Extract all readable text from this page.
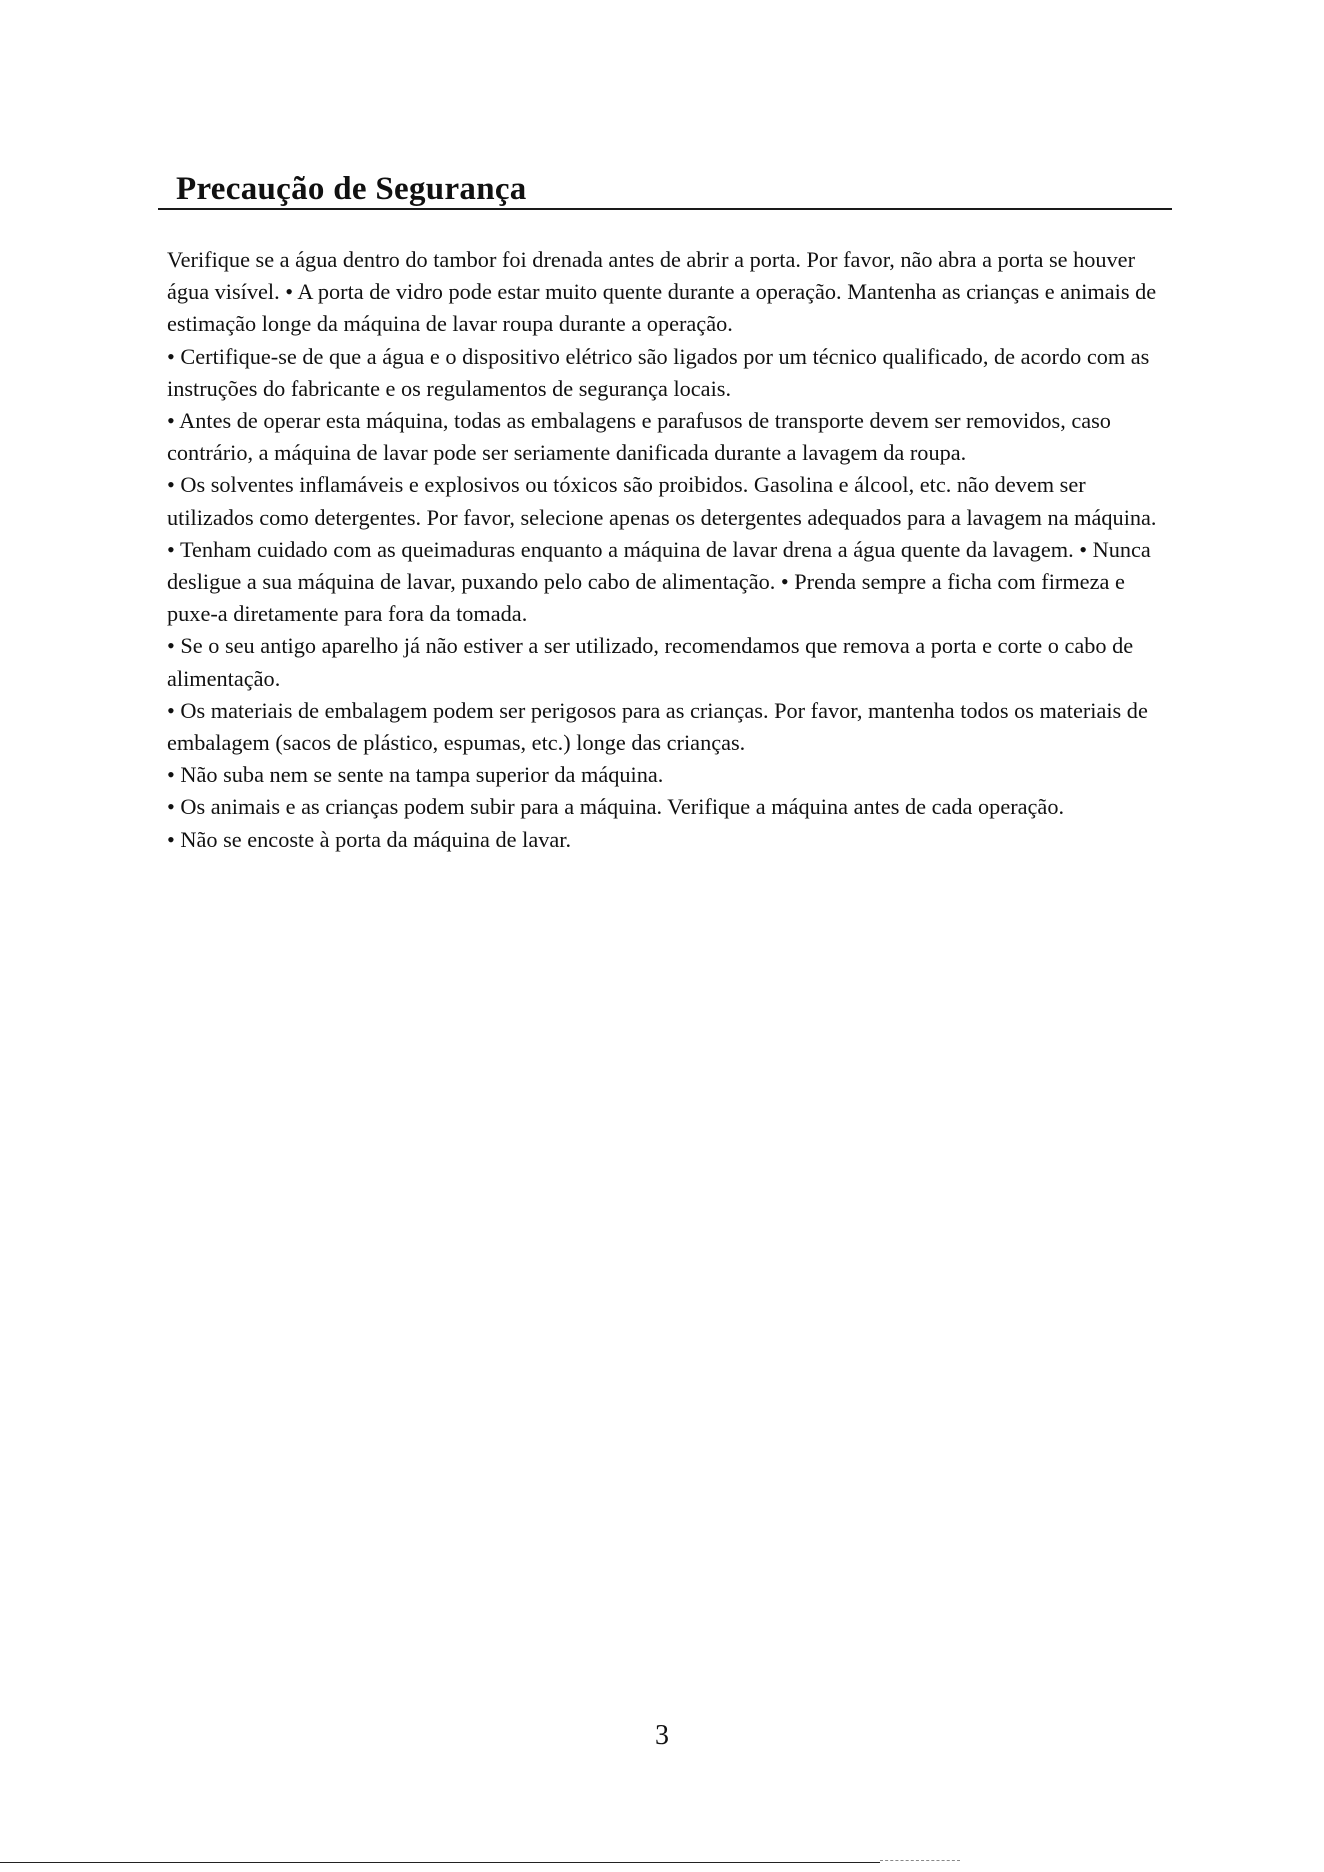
Precaução de Segurança

Verifique se a água dentro do tambor foi drenada antes de abrir a porta. Por favor, não abra a porta se houver água visível. • A porta de vidro pode estar muito quente durante a operação. Mantenha as crianças e animais de estimação longe da máquina de lavar roupa durante a operação.

• Certifique-se de que a água e o dispositivo elétrico são ligados por um técnico qualificado, de acordo com as instruções do fabricante e os regulamentos de segurança locais.

• Antes de operar esta máquina, todas as embalagens e parafusos de transporte devem ser removidos, caso contrário, a máquina de lavar pode ser seriamente danificada durante a lavagem da roupa.

• Os solventes inflamáveis e explosivos ou tóxicos são proibidos. Gasolina e álcool, etc. não devem ser utilizados como detergentes. Por favor, selecione apenas os detergentes adequados para a lavagem na máquina.

• Tenham cuidado com as queimaduras enquanto a máquina de lavar drena a água quente da lavagem. • Nunca desligue a sua máquina de lavar, puxando pelo cabo de alimentação. • Prenda sempre a ficha com firmeza e puxe-a diretamente para fora da tomada.

• Se o seu antigo aparelho já não estiver a ser utilizado, recomendamos que remova a porta e corte o cabo de alimentação.

• Os materiais de embalagem podem ser perigosos para as crianças. Por favor, mantenha todos os materiais de embalagem (sacos de plástico, espumas, etc.) longe das crianças.

• Não suba nem se sente na tampa superior da máquina.

• Os animais e as crianças podem subir para a máquina. Verifique a máquina antes de cada operação.

• Não se encoste à porta da máquina de lavar.

3
